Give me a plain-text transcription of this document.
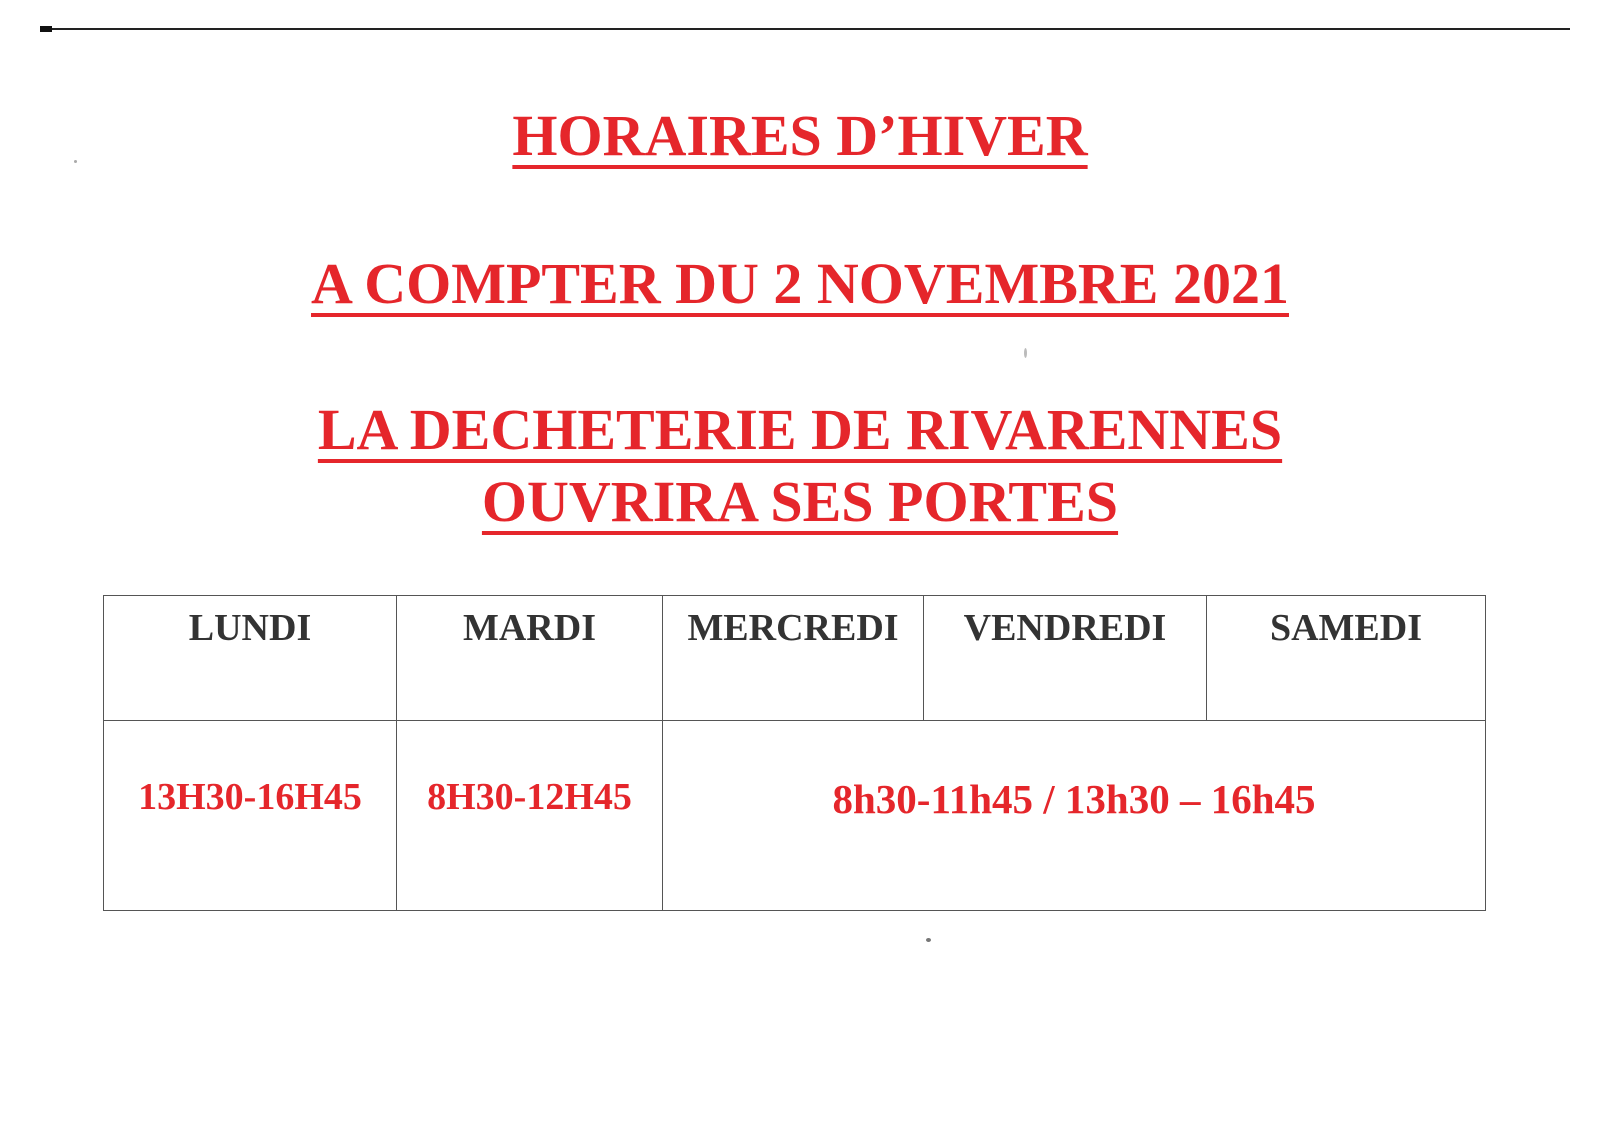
HORAIRES D’HIVER
A COMPTER DU 2 NOVEMBRE 2021
LA DECHETERIE DE RIVARENNES
OUVRIRA SES PORTES
LUNDI	MARDI	MERCREDI	VENDREDI	SAMEDI
13H30-16H45	8H30-12H45	8h30-11h45 / 13h30 – 16h45		
